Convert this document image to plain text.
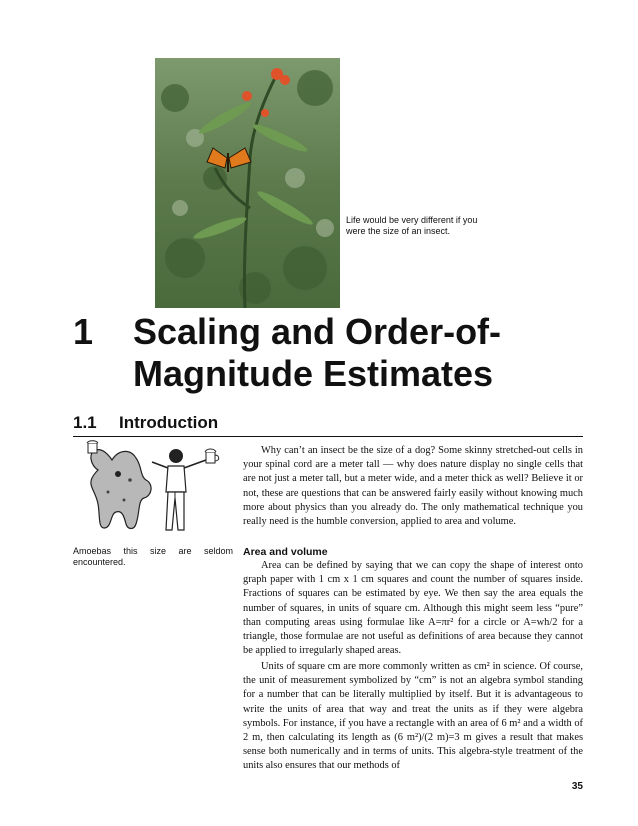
Life would be very different if you were the size of an insect.
1 Scaling and Order-of-Magnitude Estimates
1.1 Introduction
Amoebas this size are seldom encountered.

Why can’t an insect be the size of a dog? Some skinny stretched-out cells in your spinal cord are a meter tall — why does nature display no single cells that are not just a meter tall, but a meter wide, and a meter thick as well? Believe it or not, these are questions that can be answered fairly easily without knowing much more about physics than you already do. The only mathematical technique you really need is the humble conversion, applied to area and volume.

Area and volume

Area can be defined by saying that we can copy the shape of interest onto graph paper with 1 cm x 1 cm squares and count the number of squares inside. Fractions of squares can be estimated by eye. We then say the area equals the number of squares, in units of square cm. Although this might seem less “pure” than computing areas using formulae like A=πr² for a circle or A=wh/2 for a triangle, those formulae are not useful as definitions of area because they cannot be applied to irregularly shaped areas.

Units of square cm are more commonly written as cm² in science. Of course, the unit of measurement symbolized by “cm” is not an algebra symbol standing for a number that can be literally multiplied by itself. But it is advantageous to write the units of area that way and treat the units as if they were algebra symbols. For instance, if you have a rectangle with an area of 6 m² and a width of 2 m, then calculating its length as (6 m²)/(2 m)=3 m gives a result that makes sense both numerically and in terms of units. This algebra-style treatment of the units also ensures that our methods of

35
